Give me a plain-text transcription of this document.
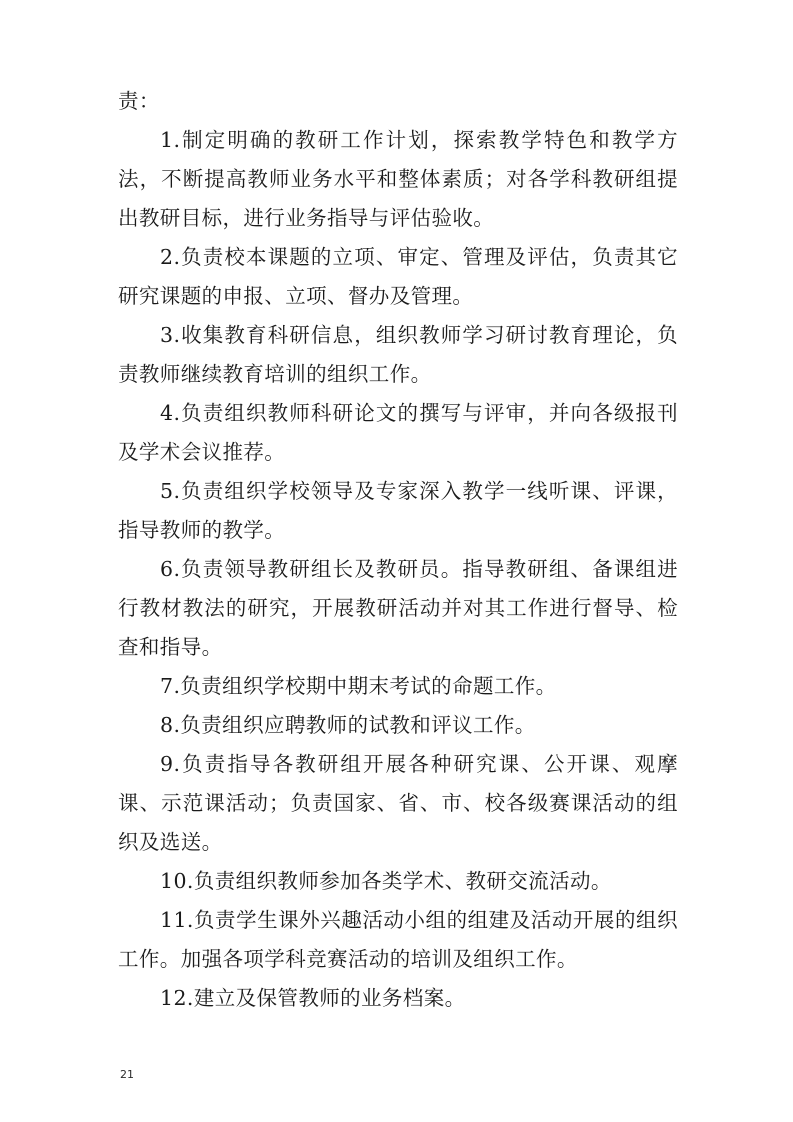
责：

1.制定明确的教研工作计划，探索教学特色和教学方法，不断提高教师业务水平和整体素质；对各学科教研组提出教研目标，进行业务指导与评估验收。

2.负责校本课题的立项、审定、管理及评估，负责其它研究课题的申报、立项、督办及管理。

3.收集教育科研信息，组织教师学习研讨教育理论，负责教师继续教育培训的组织工作。

4.负责组织教师科研论文的撰写与评审，并向各级报刊及学术会议推荐。

5.负责组织学校领导及专家深入教学一线听课、评课，指导教师的教学。

6.负责领导教研组长及教研员。指导教研组、备课组进行教材教法的研究，开展教研活动并对其工作进行督导、检查和指导。

7.负责组织学校期中期末考试的命题工作。

8.负责组织应聘教师的试教和评议工作。

9.负责指导各教研组开展各种研究课、公开课、观摩课、示范课活动；负责国家、省、市、校各级赛课活动的组织及选送。

10.负责组织教师参加各类学术、教研交流活动。

11.负责学生课外兴趣活动小组的组建及活动开展的组织工作。加强各项学科竞赛活动的培训及组织工作。

12.建立及保管教师的业务档案。

21
